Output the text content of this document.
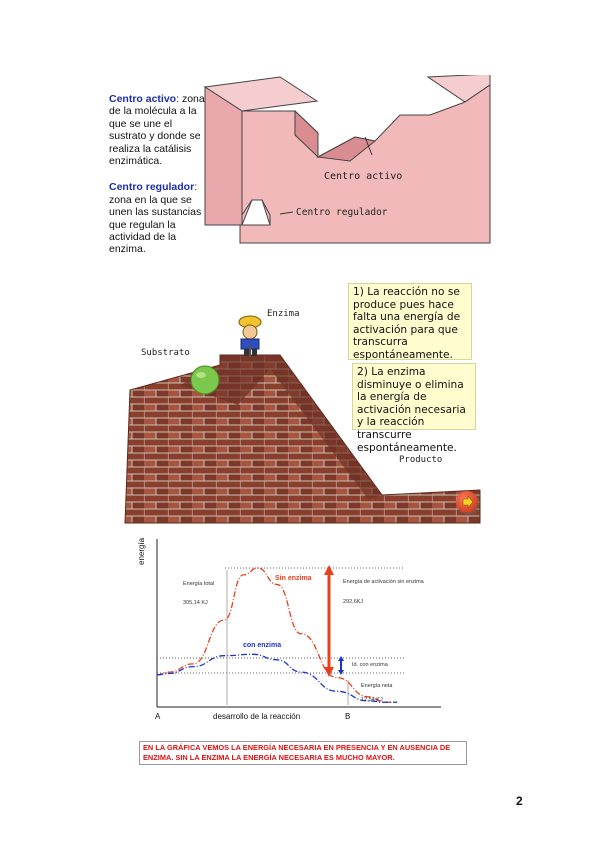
Centro activo: zona de la molécula a la que se une el sustrato y donde se realiza la catálisis enzimática.

Centro regulador: zona en la que se unen las sustancias que regulan la actividad de la enzima.

Centro activo
Centro regulador
Enzima
Substrato
Producto
1) La reacción no se produce pues hace falta una energía de activación para que transcurra espontáneamente.
2) La enzima disminuye o elimina la energía de activación necesaria y la reacción transcurre espontáneamente.
energía
Sin enzima
con enzima
Energía total
305,14 KJ
Energía de activación sin enzima
292,6KJ
Id. con enzima
Energía neta
12,54 KJ
A	B
desarrollo de la reacción
EN LA GRÁFICA VEMOS LA ENERGÍA NECESARIA EN PRESENCIA Y EN AUSENCIA DE ENZIMA. SIN LA ENZIMA LA ENERGÍA NECESARIA ES MUCHO MAYOR.
2
